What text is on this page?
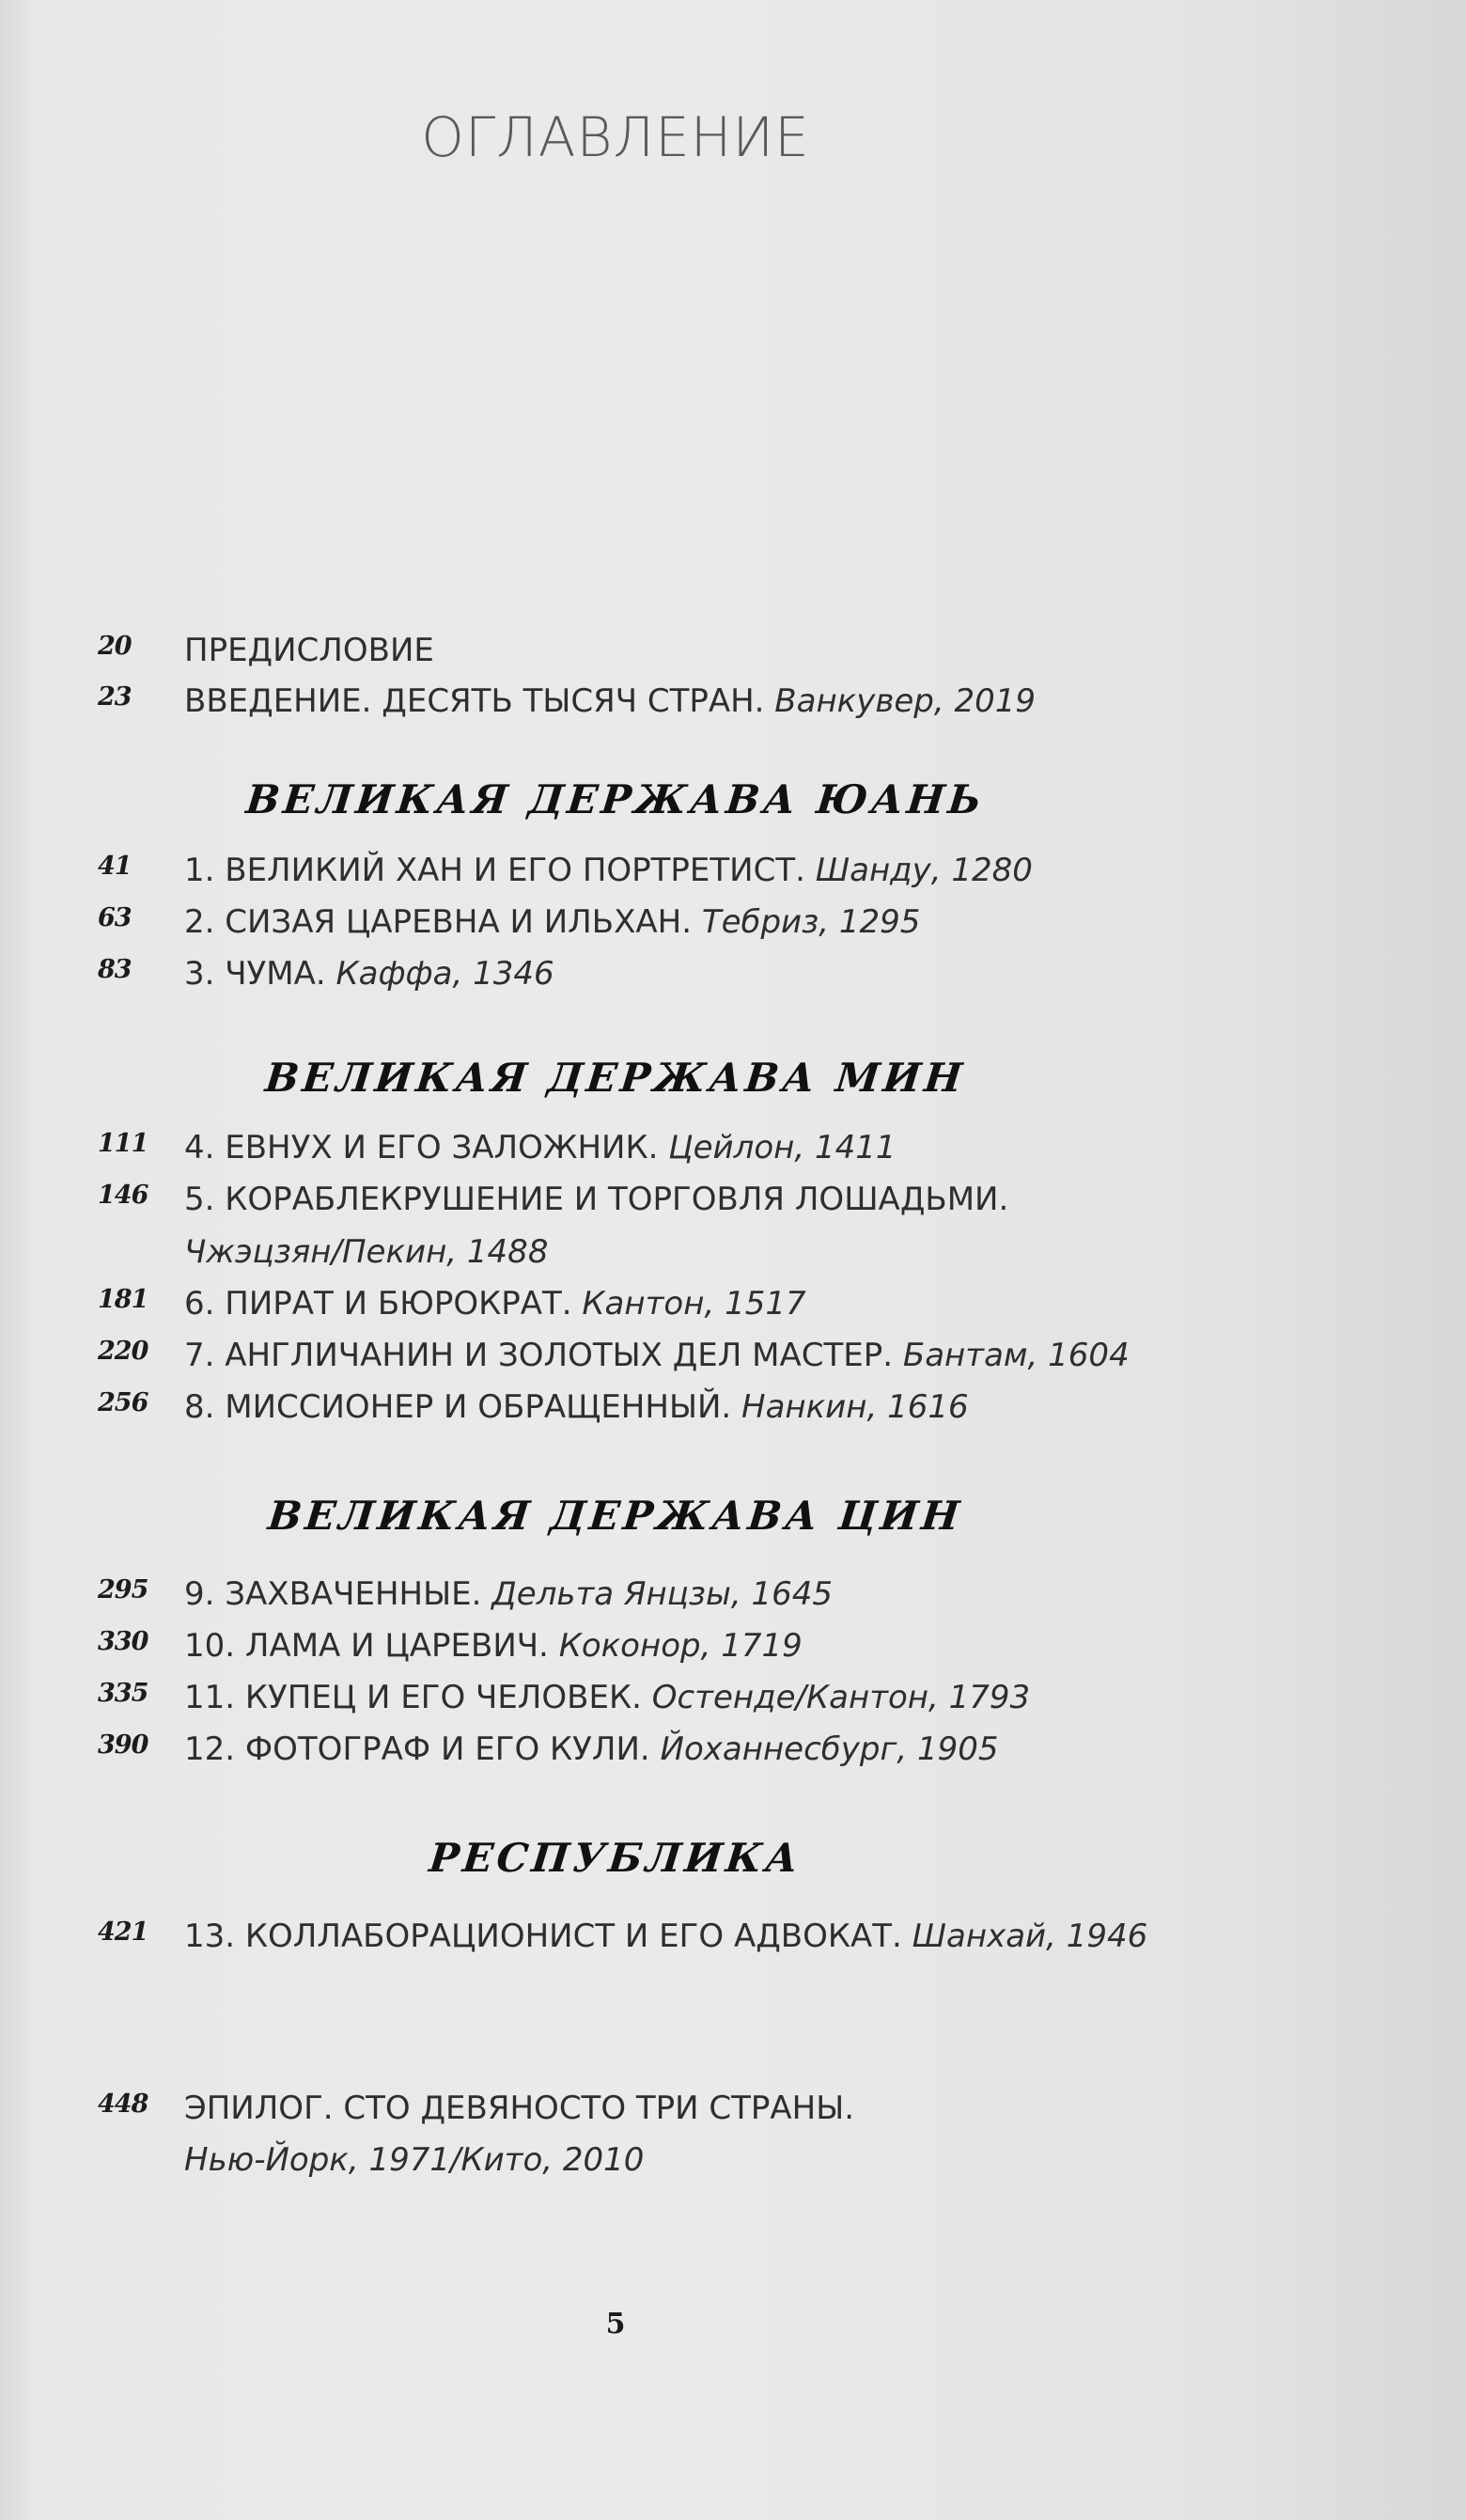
ОГЛАВЛЕНИЕ
20 ПРЕДИСЛОВИЕ
23 ВВЕДЕНИЕ. ДЕСЯТЬ ТЫСЯЧ СТРАН. Ванкувер, 2019
ВЕЛИКАЯ ДЕРЖАВА ЮАНЬ
41 1. ВЕЛИКИЙ ХАН И ЕГО ПОРТРЕТИСТ. Шанду, 1280
63 2. СИЗАЯ ЦАРЕВНА И ИЛЬХАН. Тебриз, 1295
83 3. ЧУМА. Каффа, 1346
ВЕЛИКАЯ ДЕРЖАВА МИН
111 4. ЕВНУХ И ЕГО ЗАЛОЖНИК. Цейлон, 1411
146 5. КОРАБЛЕКРУШЕНИЕ И ТОРГОВЛЯ ЛОШАДЬМИ.
Чжэцзян/Пекин, 1488
181 6. ПИРАТ И БЮРОКРАТ. Кантон, 1517
220 7. АНГЛИЧАНИН И ЗОЛОТЫХ ДЕЛ МАСТЕР. Бантам, 1604
256 8. МИССИОНЕР И ОБРАЩЕННЫЙ. Нанкин, 1616
ВЕЛИКАЯ ДЕРЖАВА ЦИН
295 9. ЗАХВАЧЕННЫЕ. Дельта Янцзы, 1645
330 10. ЛАМА И ЦАРЕВИЧ. Коконор, 1719
335 11. КУПЕЦ И ЕГО ЧЕЛОВЕК. Остенде/Кантон, 1793
390 12. ФОТОГРАФ И ЕГО КУЛИ. Йоханнесбург, 1905
РЕСПУБЛИКА
421 13. КОЛЛАБОРАЦИОНИСТ И ЕГО АДВОКАТ. Шанхай, 1946
448 ЭПИЛОГ. СТО ДЕВЯНОСТО ТРИ СТРАНЫ.
Нью-Йорк, 1971/Кито, 2010
5
